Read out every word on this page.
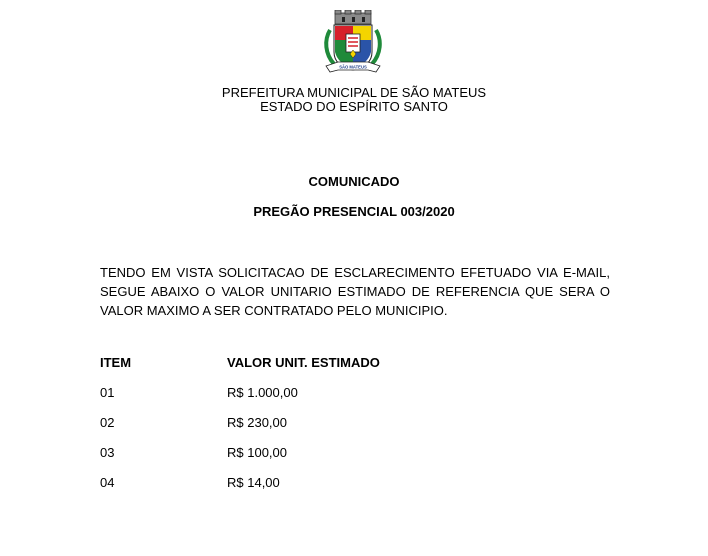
SÃO MATEUS
PREFEITURA MUNICIPAL DE SÃO MATEUS
ESTADO DO ESPÍRITO SANTO
COMUNICADO
PREGÃO PRESENCIAL 003/2020
TENDO EM VISTA SOLICITACAO DE ESCLARECIMENTO EFETUADO VIA E-MAIL, SEGUE ABAIXO O VALOR UNITARIO ESTIMADO DE REFERENCIA QUE SERA O VALOR MAXIMO A SER CONTRATADO PELO MUNICIPIO.
ITEM	VALOR UNIT. ESTIMADO
01	R$ 1.000,00
02	R$ 230,00
03	R$ 100,00
04	R$ 14,00
